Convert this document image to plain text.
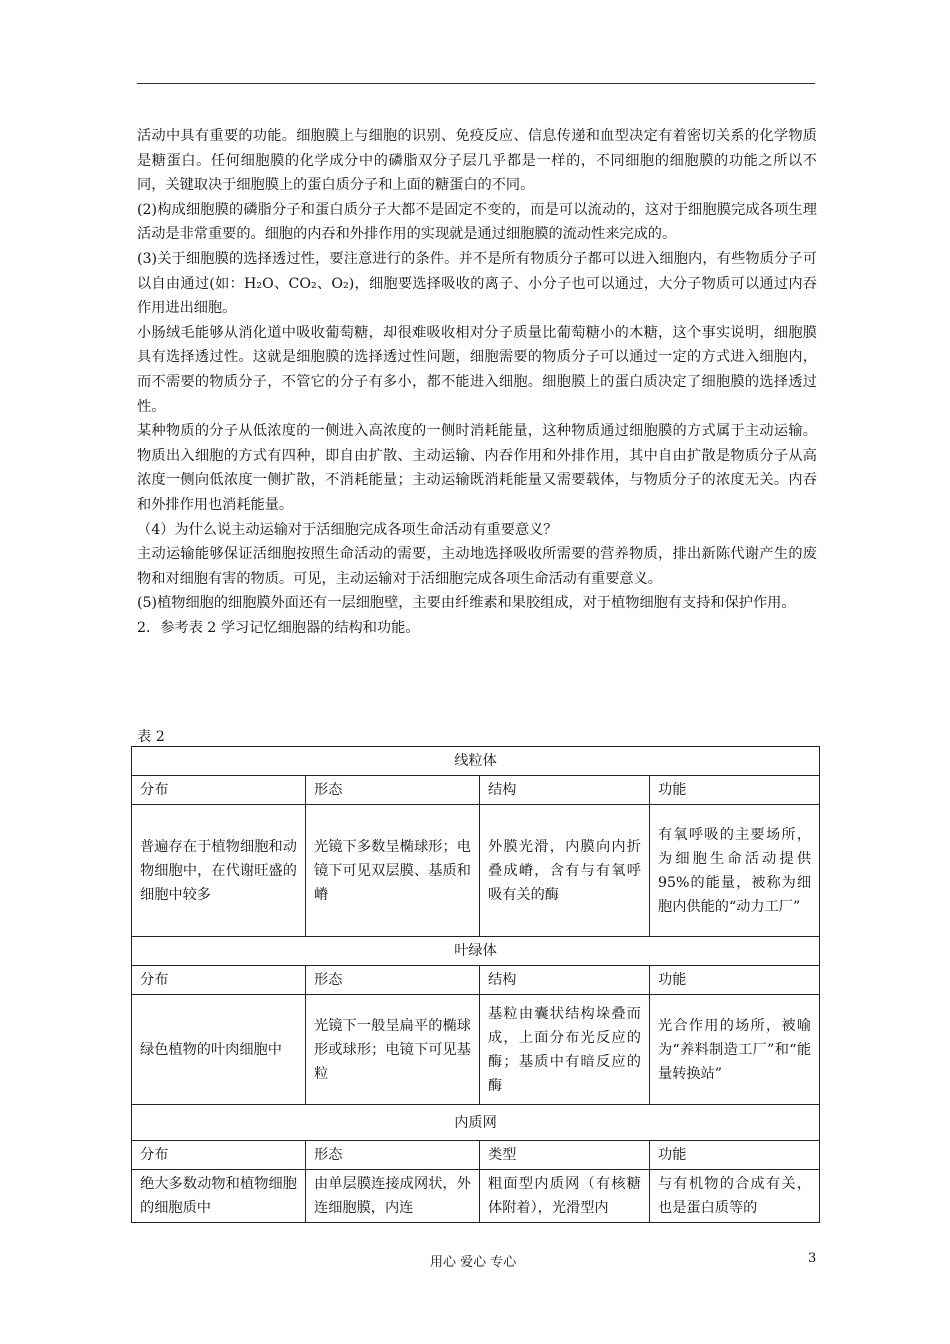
活动中具有重要的功能。细胞膜上与细胞的识别、免疫反应、信息传递和血型决定有着密切关系的化学物质是糖蛋白。任何细胞膜的化学成分中的磷脂双分子层几乎都是一样的，不同细胞的细胞膜的功能之所以不同，关键取决于细胞膜上的蛋白质分子和上面的糖蛋白的不同。

(2)构成细胞膜的磷脂分子和蛋白质分子大都不是固定不变的，而是可以流动的，这对于细胞膜完成各项生理活动是非常重要的。细胞的内吞和外排作用的实现就是通过细胞膜的流动性来完成的。

(3)关于细胞膜的选择透过性，要注意进行的条件。并不是所有物质分子都可以进入细胞内，有些物质分子可以自由通过(如：H₂O、CO₂、O₂)，细胞要选择吸收的离子、小分子也可以通过，大分子物质可以通过内吞作用进出细胞。

小肠绒毛能够从消化道中吸收葡萄糖，却很难吸收相对分子质量比葡萄糖小的木糖，这个事实说明，细胞膜具有选择透过性。这就是细胞膜的选择透过性问题，细胞需要的物质分子可以通过一定的方式进入细胞内，而不需要的物质分子，不管它的分子有多小，都不能进入细胞。细胞膜上的蛋白质决定了细胞膜的选择透过性。

某种物质的分子从低浓度的一侧进入高浓度的一侧时消耗能量，这种物质通过细胞膜的方式属于主动运输。物质出入细胞的方式有四种，即自由扩散、主动运输、内吞作用和外排作用，其中自由扩散是物质分子从高浓度一侧向低浓度一侧扩散，不消耗能量；主动运输既消耗能量又需要载体，与物质分子的浓度无关。内吞和外排作用也消耗能量。

（4）为什么说主动运输对于活细胞完成各项生命活动有重要意义？

主动运输能够保证活细胞按照生命活动的需要，主动地选择吸收所需要的营养物质，排出新陈代谢产生的废物和对细胞有害的物质。可见，主动运输对于活细胞完成各项生命活动有重要意义。

(5)植物细胞的细胞膜外面还有一层细胞壁，主要由纤维素和果胶组成，对于植物细胞有支持和保护作用。

2．参考表 2 学习记忆细胞器的结构和功能。

表 2
线粒体			
分布	形态	结构	功能
普遍存在于植物细胞和动物细胞中，在代谢旺盛的细胞中较多	光镜下多数呈椭球形；电镜下可见双层膜、基质和嵴	外膜光滑，内膜向内折叠成嵴，含有与有氧呼吸有关的酶	有氧呼吸的主要场所，为细胞生命活动提供 95%的能量，被称为细胞内供能的“动力工厂”
叶绿体			
分布	形态	结构	功能
绿色植物的叶肉细胞中	光镜下一般呈扁平的椭球形或球形；电镜下可见基粒	基粒由囊状结构垛叠而成，上面分布光反应的酶；基质中有暗反应的酶	光合作用的场所，被喻为“养料制造工厂”和“能量转换站”
内质网			
分布	形态	类型	功能
绝大多数动物和植物细胞的细胞质中	由单层膜连接成网状，外连细胞膜，内连	粗面型内质网（有核糖体附着），光滑型内	与有机物的合成有关，也是蛋白质等的
用心 爱心 专心	3
